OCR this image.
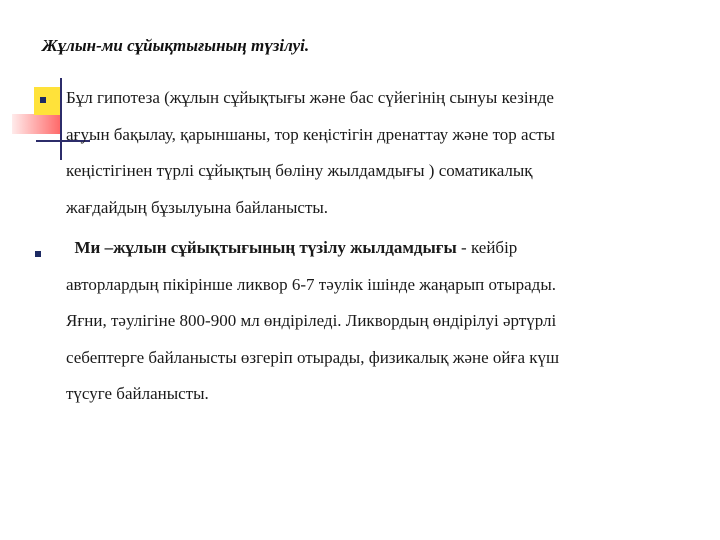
Жұлын-ми сұйықтығының түзілуі.
Бұл гипотеза (жұлын сұйықтығы және бас сүйегінің сынуы кезінде
ағуын бақылау, қарыншаны, тор кеңістігін дренаттау және тор асты
кеңістігінен түрлі сұйықтың бөліну жылдамдығы ) соматикалық
жағдайдың бұзылуына байланысты.
Ми –жұлын сұйықтығының түзілу жылдамдығы - кейбір
авторлардың пікірінше ликвор 6-7 тәулік ішінде жаңарып отырады.
Яғни, тәулігіне 800-900 мл өндіріледі. Ликвордың өндірілуі әртүрлі
себептерге байланысты өзгеріп отырады, физикалық және ойға күш
түсуге байланысты.
